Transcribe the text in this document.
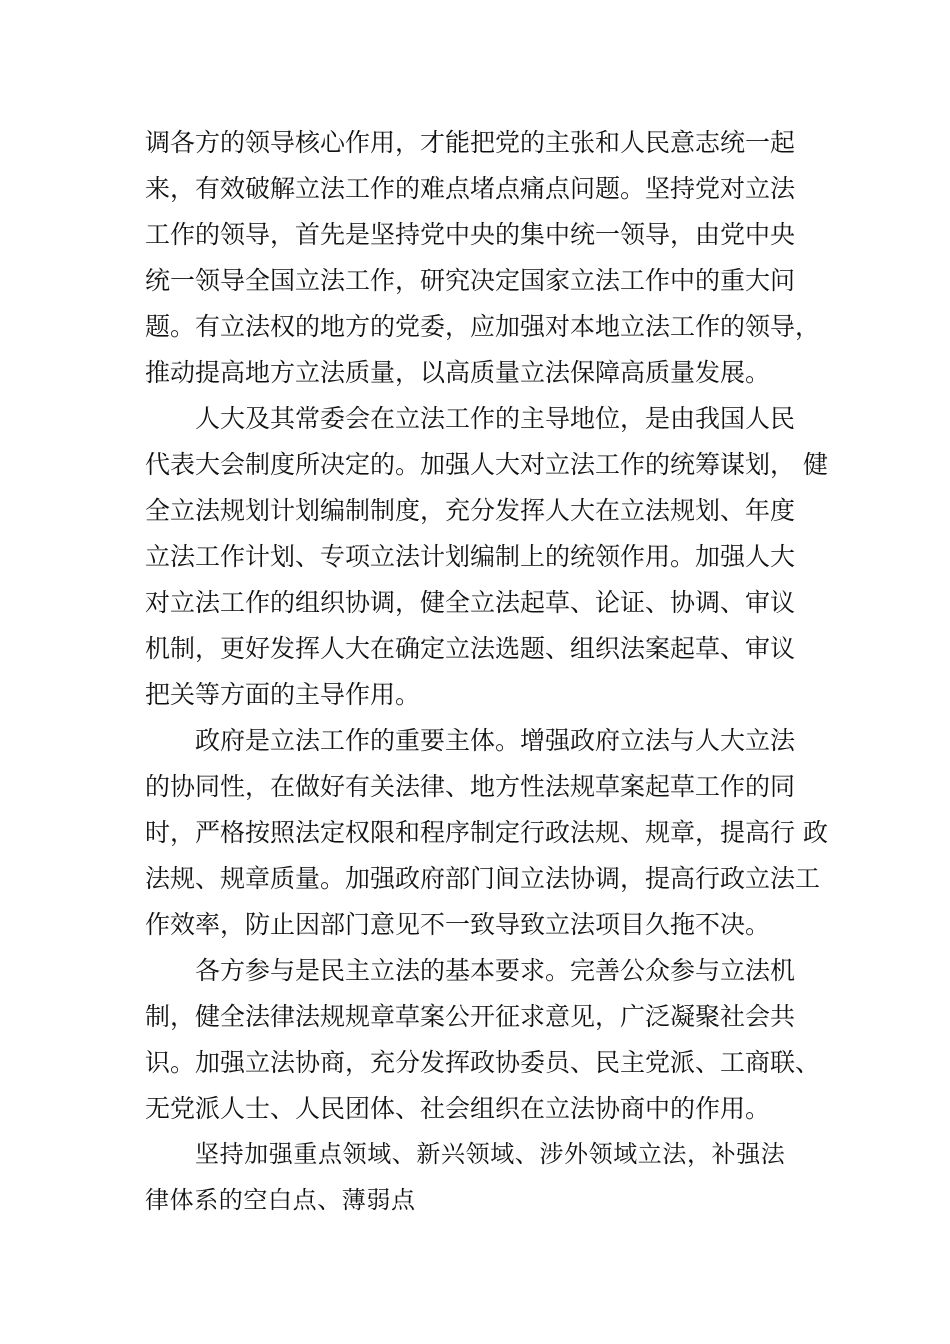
调各方的领导核心作用，才能把党的主张和人民意志统一起
来，有效破解立法工作的难点堵点痛点问题。坚持党对立法
工作的领导，首先是坚持党中央的集中统一领导，由党中央
统一领导全国立法工作，研究决定国家立法工作中的重大问
题。有立法权的地方的党委，应加强对本地立法工作的领导，
推动提高地方立法质量，以高质量立法保障高质量发展。
人大及其常委会在立法工作的主导地位，是由我国人民
代表大会制度所决定的。加强人大对立法工作的统筹谋划， 健
全立法规划计划编制制度，充分发挥人大在立法规划、年度
立法工作计划、专项立法计划编制上的统领作用。加强人大
对立法工作的组织协调，健全立法起草、论证、协调、审议
机制，更好发挥人大在确定立法选题、组织法案起草、审议
把关等方面的主导作用。
政府是立法工作的重要主体。增强政府立法与人大立法
的协同性，在做好有关法律、地方性法规草案起草工作的同
时，严格按照法定权限和程序制定行政法规、规章，提高行 政
法规、规章质量。加强政府部门间立法协调，提高行政立法工
作效率，防止因部门意见不一致导致立法项目久拖不决。
各方参与是民主立法的基本要求。完善公众参与立法机
制，健全法律法规规章草案公开征求意见，广泛凝聚社会共
识。加强立法协商，充分发挥政协委员、民主党派、工商联、
无党派人士、人民团体、社会组织在立法协商中的作用。
坚持加强重点领域、新兴领域、涉外领域立法，补强法
律体系的空白点、薄弱点
